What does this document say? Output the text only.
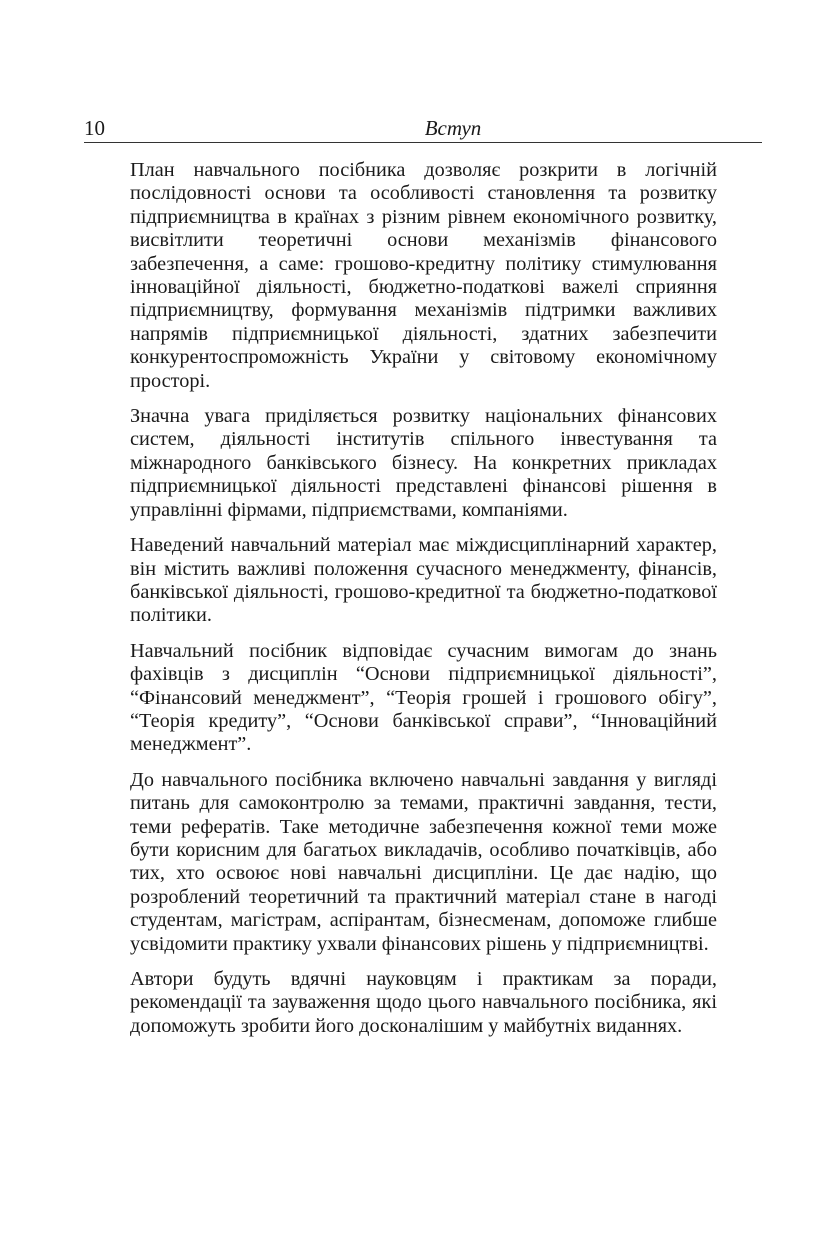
10	Вступ

План навчального посібника дозволяє розкрити в логічній послідовності основи та особливості становлення та розвитку підприємництва в країнах з різним рівнем економічного розвитку, висвітлити теоретичні основи механізмів фінансового забезпечення, а саме: грошово-кредитну політику стимулювання інноваційної діяльності, бюджетно-податкові важелі сприяння підприємництву, формування механізмів підтримки важливих напрямів підприємницької діяльності, здатних забезпечити конкурентоспроможність України у світовому економічному просторі.

Значна увага приділяється розвитку національних фінансових систем, діяльності інститутів спільного інвестування та міжнародного банківського бізнесу. На конкретних прикладах підприємницької діяльності представлені фінансові рішення в управлінні фірмами, підприємствами, компаніями.

Наведений навчальний матеріал має міждисциплінарний характер, він містить важливі положення сучасного менеджменту, фінансів, банківської діяльності, грошово-кредитної та бюджетно-податкової політики.

Навчальний посібник відповідає сучасним вимогам до знань фахівців з дисциплін “Основи підприємницької діяльності”, “Фінансовий менеджмент”, “Теорія грошей і грошового обігу”, “Теорія кредиту”, “Основи банківської справи”, “Інноваційний менеджмент”.

До навчального посібника включено навчальні завдання у вигляді питань для самоконтролю за темами, практичні завдання, тести, теми рефератів. Таке методичне забезпечення кожної теми може бути корисним для багатьох викладачів, особливо початківців, або тих, хто освоює нові навчальні дисципліни. Це дає надію, що розроблений теоретичний та практичний матеріал стане в нагоді студентам, магістрам, аспірантам, бізнесменам, допоможе глибше усвідомити практику ухвали фінансових рішень у підприємництві.

Автори будуть вдячні науковцям і практикам за поради, рекомендації та зауваження щодо цього навчального посібника, які допоможуть зробити його досконалішим у майбутніх виданнях.
